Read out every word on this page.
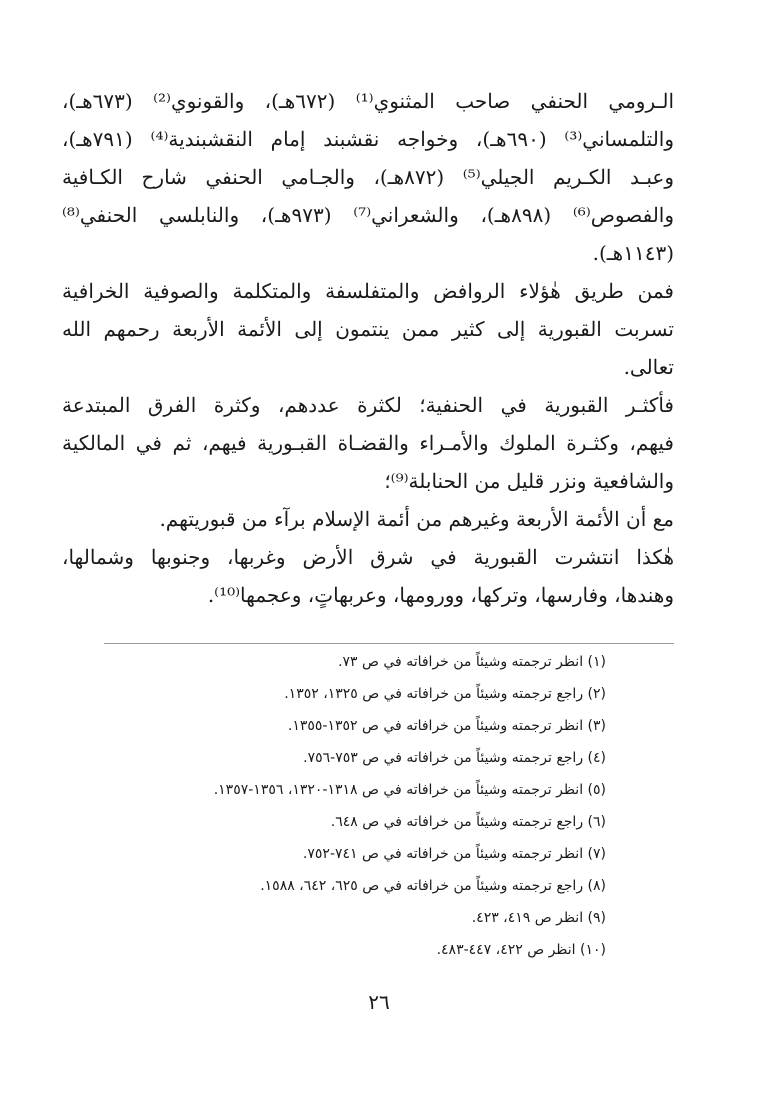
الـرومي الحنفي صاحب المثنوي⁽¹⁾ (٦٧٢هـ)، والقونوي⁽²⁾ (٦٧٣هـ)،
والتلمساني⁽³⁾ (٦٩٠هـ)، وخواجه نقشبند إمام النقشبندية⁽⁴⁾ (٧٩١هـ)،
وعبـد الكـريم الجيلي⁽⁵⁾ (٨٧٢هـ)، والجـامي الحنفي شارح الكـافية
والفصوص⁽⁶⁾ (٨٩٨هـ)، والشعراني⁽⁷⁾ (٩٧٣هـ)، والنابلسي الحنفي⁽⁸⁾
(١١٤٣هـ).
فمن طريق هٰؤلاء الروافض والمتفلسفة والمتكلمة والصوفية الخرافية
تسربت القبورية إلى كثير ممن ينتمون إلى الأئمة الأربعة رحمهم الله
تعالى.
فأكثـر القبورية في الحنفية؛ لكثرة عددهم، وكثرة الفرق المبتدعة
فيهم، وكثـرة الملوك والأمـراء والقضـاة القبـورية فيهم، ثم في المالكية
والشافعية ونزر قليل من الحنابلة⁽⁹⁾؛
مع أن الأئمة الأربعة وغيرهم من أئمة الإسلام برآء من قبوريتهم.
هٰكذا انتشرت القبورية في شرق الأرض وغربها، وجنوبها وشمالها،
وهندها، وفارسها، وتركها، وورومها، وعربهاتٍ، وعجمها⁽¹⁰⁾.
(١) انظر ترجمته وشيئاً من خرافاته في ص ٧٣.
(٢) راجع ترجمته وشيئاً من خرافاته في ص ١٣٢٥، ١٣٥٢.
(٣) انظر ترجمته وشيئاً من خرافاته في ص ١٣٥٢-١٣٥٥.
(٤) راجع ترجمته وشيئاً من خرافاته في ص ٧٥٣-٧٥٦.
(٥) انظر ترجمته وشيئاً من خرافاته في ص ١٣١٨-١٣٢٠، ١٣٥٦-١٣٥٧.
(٦) راجع ترجمته وشيئاً من خرافاته في ص ٦٤٨.
(٧) انظر ترجمته وشيئاً من خرافاته في ص ٧٤١-٧٥٢.
(٨) راجع ترجمته وشيئاً من خرافاته في ص ٦٢٥، ٦٤٢، ١٥٨٨.
(٩) انظر ص ٤١٩، ٤٢٣.
(١٠) انظر ص ٤٢٢، ٤٤٧-٤٨٣.
٢٦
